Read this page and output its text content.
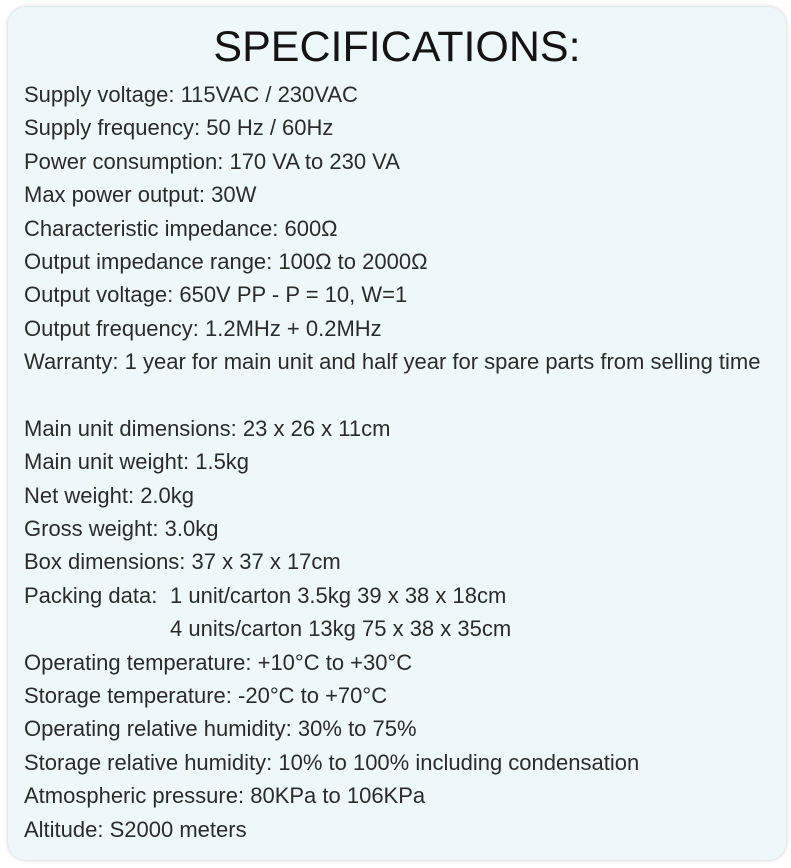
SPECIFICATIONS:
Supply voltage: 115VAC / 230VAC
Supply frequency: 50 Hz / 60Hz
Power consumption: 170 VA to 230 VA
Max power output: 30W
Characteristic impedance: 600Ω
Output impedance range: 100Ω to 2000Ω
Output voltage: 650V PP - P = 10, W=1
Output frequency: 1.2MHz + 0.2MHz
Warranty: 1 year for main unit and half year for spare parts from selling time
Main unit dimensions: 23 x 26 x 11cm
Main unit weight: 1.5kg
Net weight: 2.0kg
Gross weight: 3.0kg
Box dimensions: 37 x 37 x 17cm
Packing data: 1 unit/carton 3.5kg 39 x 38 x 18cm
4 units/carton 13kg 75 x 38 x 35cm
Operating temperature: +10°C to +30°C
Storage temperature: -20°C to +70°C
Operating relative humidity: 30% to 75%
Storage relative humidity: 10% to 100% including condensation
Atmospheric pressure: 80KPa to 106KPa
Altitude: S2000 meters
